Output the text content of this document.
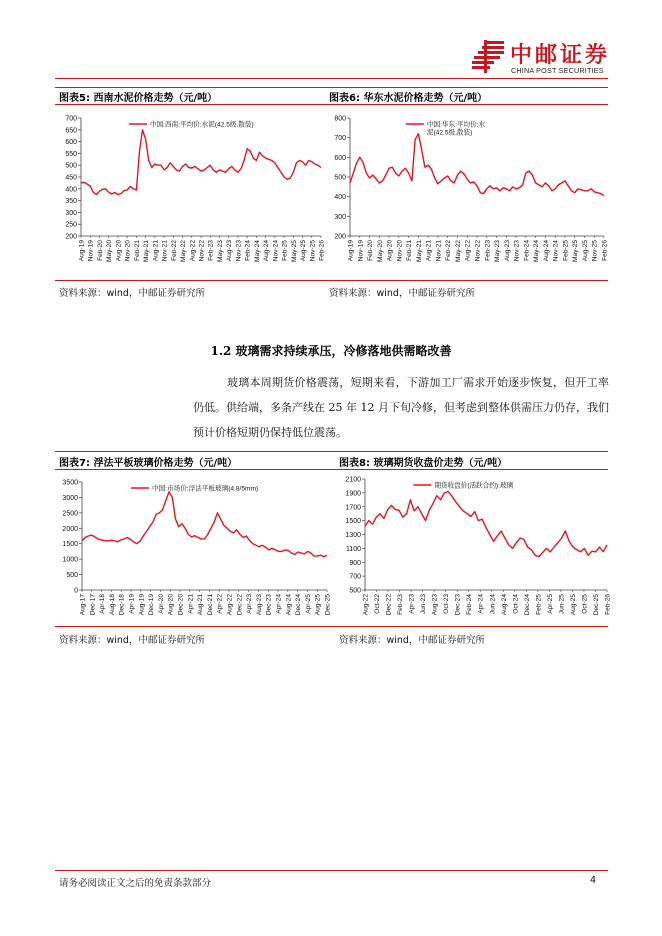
中邮证券
CHINA POST SECURITIES
图表5: 西南水泥价格走势（元/吨）	图表6: 华东水泥价格走势（元/吨）
200
250
300
350
400
450
500
550
600
650
700
Aug-19 Nov-19 Feb-20 May-20 Aug-20 Nov-20 Feb-21 May-21 Aug-21 Nov-21 Feb-22 May-22 Aug-22 Nov-22 Feb-23 May-23 Aug-23 Nov-23 Feb-24 May-24 Aug-24 Nov-24 Feb-25 May-25 Aug-25 Nov-25 Feb-26
中国:西南:平均价:水泥(42.5级,散装)
200
300
400
500
600
700
800
Aug-19 Nov-19 Feb-20 May-20 Aug-20 Nov-20 Feb-21 May-21 Aug-21 Nov-21 Feb-22 May-22 Aug-22 Nov-22 Feb-23 May-23 Aug-23 Nov-23 Feb-24 May-24 Aug-24 Nov-24 Feb-25 May-25 Aug-25 Nov-25 Feb-26
中国:华东:平均价:水泥(42.5级,散装)
资料来源：wind，中邮证券研究所	资料来源：wind，中邮证券研究所
1.2 玻璃需求持续承压，冷修落地供需略改善
玻璃本周期货价格震荡，短期来看，下游加工厂需求开始逐步恢复，但开工率仍低。供给端，多条产线在 25 年 12 月下旬冷修，但考虑到整体供需压力仍存，我们预计价格短期仍保持低位震荡。
图表7: 浮法平板玻璃价格走势（元/吨）	图表8: 玻璃期货收盘价走势（元/吨）
0
500
1000
1500
2000
2500
3000
3500
Aug-17 Dec-17 Apr-18 Aug-18 Dec-18 Apr-19 Aug-19 Dec-19 Apr-20 Aug-20 Dec-20 Apr-21 Aug-21 Dec-21 Apr-22 Aug-22 Dec-22 Apr-23 Aug-23 Dec-23 Apr-24 Aug-24 Dec-24 Apr-25 Aug-25 Dec-25
中国:市场价:浮法平板玻璃(4.8/5mm)
500
700
900
1100
1300
1500
1700
1900
2100
Aug-22 Oct-22 Dec-22 Feb-23 Apr-23 Jun-23 Aug-23 Oct-23 Dec-23 Feb-24 Apr-24 Jun-24 Aug-24 Oct-24 Dec-24 Feb-25 Apr-25 Jun-25 Aug-25 Oct-25 Dec-25 Feb-26
期货收盘价(活跃合约):玻璃
资料来源：wind，中邮证券研究所	资料来源：wind，中邮证券研究所
请务必阅读正文之后的免责条款部分	4
